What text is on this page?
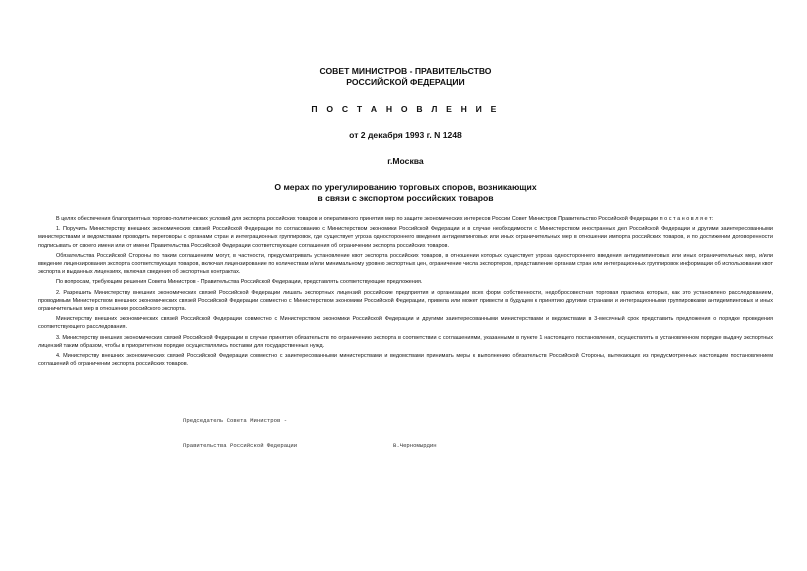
СОВЕТ МИНИСТРОВ - ПРАВИТЕЛЬСТВО
РОССИЙСКОЙ ФЕДЕРАЦИИ
П О С Т А Н О В Л Е Н И Е
от 2 декабря 1993 г. N 1248
г.Москва
О мерах по урегулированию торговых споров, возникающих
в связи с экспортом российских товаров

В целях обеспечения благоприятных торгово-политических условий для экспорта российских товаров и оперативного принятия мер по защите экономических интересов России Совет Министров Правительство Российской Федерации п о с т а н о в л я е т:

1. Поручить Министерству внешних экономических связей Российской Федерации по согласованию с Министерством экономики Российской Федерации и в случае необходимости с Министерством иностранных дел Российской Федерации и другими заинтересованными министерствами и ведомствами проводить переговоры с органами стран и интеграционных группировок, где существует угроза одностороннего введения антидемпинговых или иных ограничительных мер в отношении импорта российских товаров, и по достижении договоренности подписывать от своего имени или от имени Правительства Российской Федерации соответствующие соглашения об ограничении экспорта российских товаров.

Обязательства Российской Стороны по таким соглашениям могут, в частности, предусматривать установление квот экспорта российских товаров, в отношении которых существует угроза одностороннего введения антидемпинговых или иных ограничительных мер, и/или введение лицензирования экспорта соответствующих товаров, включая лицензирование по количествам и/или минимальному уровню экспортных цен, ограничение числа экспортеров, представление органам стран или интеграционных группировок информации об использовании квот экспорта и выданных лицензиях, включая сведения об экспортных контрактах.

По вопросам, требующим решения Совета Министров - Правительства Российской Федерации, представлять соответствующие предложения.

2. Разрешить Министерству внешних экономических связей Российской Федерации лишать экспортных лицензий российские предприятия и организации всех форм собственности, недобросовестная торговая практика которых, как это установлено расследованием, проводимым Министерством внешних экономических связей Российской Федерации совместно с Министерством экономики Российской Федерации, привела или может привести в будущем к принятию другими странами и интеграционными группировками антидемпинговых и иных ограничительных мер в отношении российского экспорта.

Министерству внешних экономических связей Российской Федерации совместно с Министерством экономики Российской Федерации и другими заинтересованными министерствами и ведомствами в 3-месячный срок представить предложения о порядке проведения соответствующего расследования.

3. Министерству внешних экономических связей Российской Федерации в случае принятия обязательств по ограничению экспорта в соответствии с соглашениями, указанными в пункте 1 настоящего постановления, осуществлять в установленном порядке выдачу экспортных лицензий таким образом, чтобы в приоритетном порядке осуществлялись поставки для государственных нужд.

4. Министерству внешних экономических связей Российской Федерации совместно с заинтересованными министерствами и ведомствами принимать меры к выполнению обязательств Российской Стороны, вытекающих из предусмотренных настоящим постановлением соглашений об ограничении экспорта российских товаров.

Председатель Совета Министров -

Правительства Российской Федерации	В.Черномырдин
